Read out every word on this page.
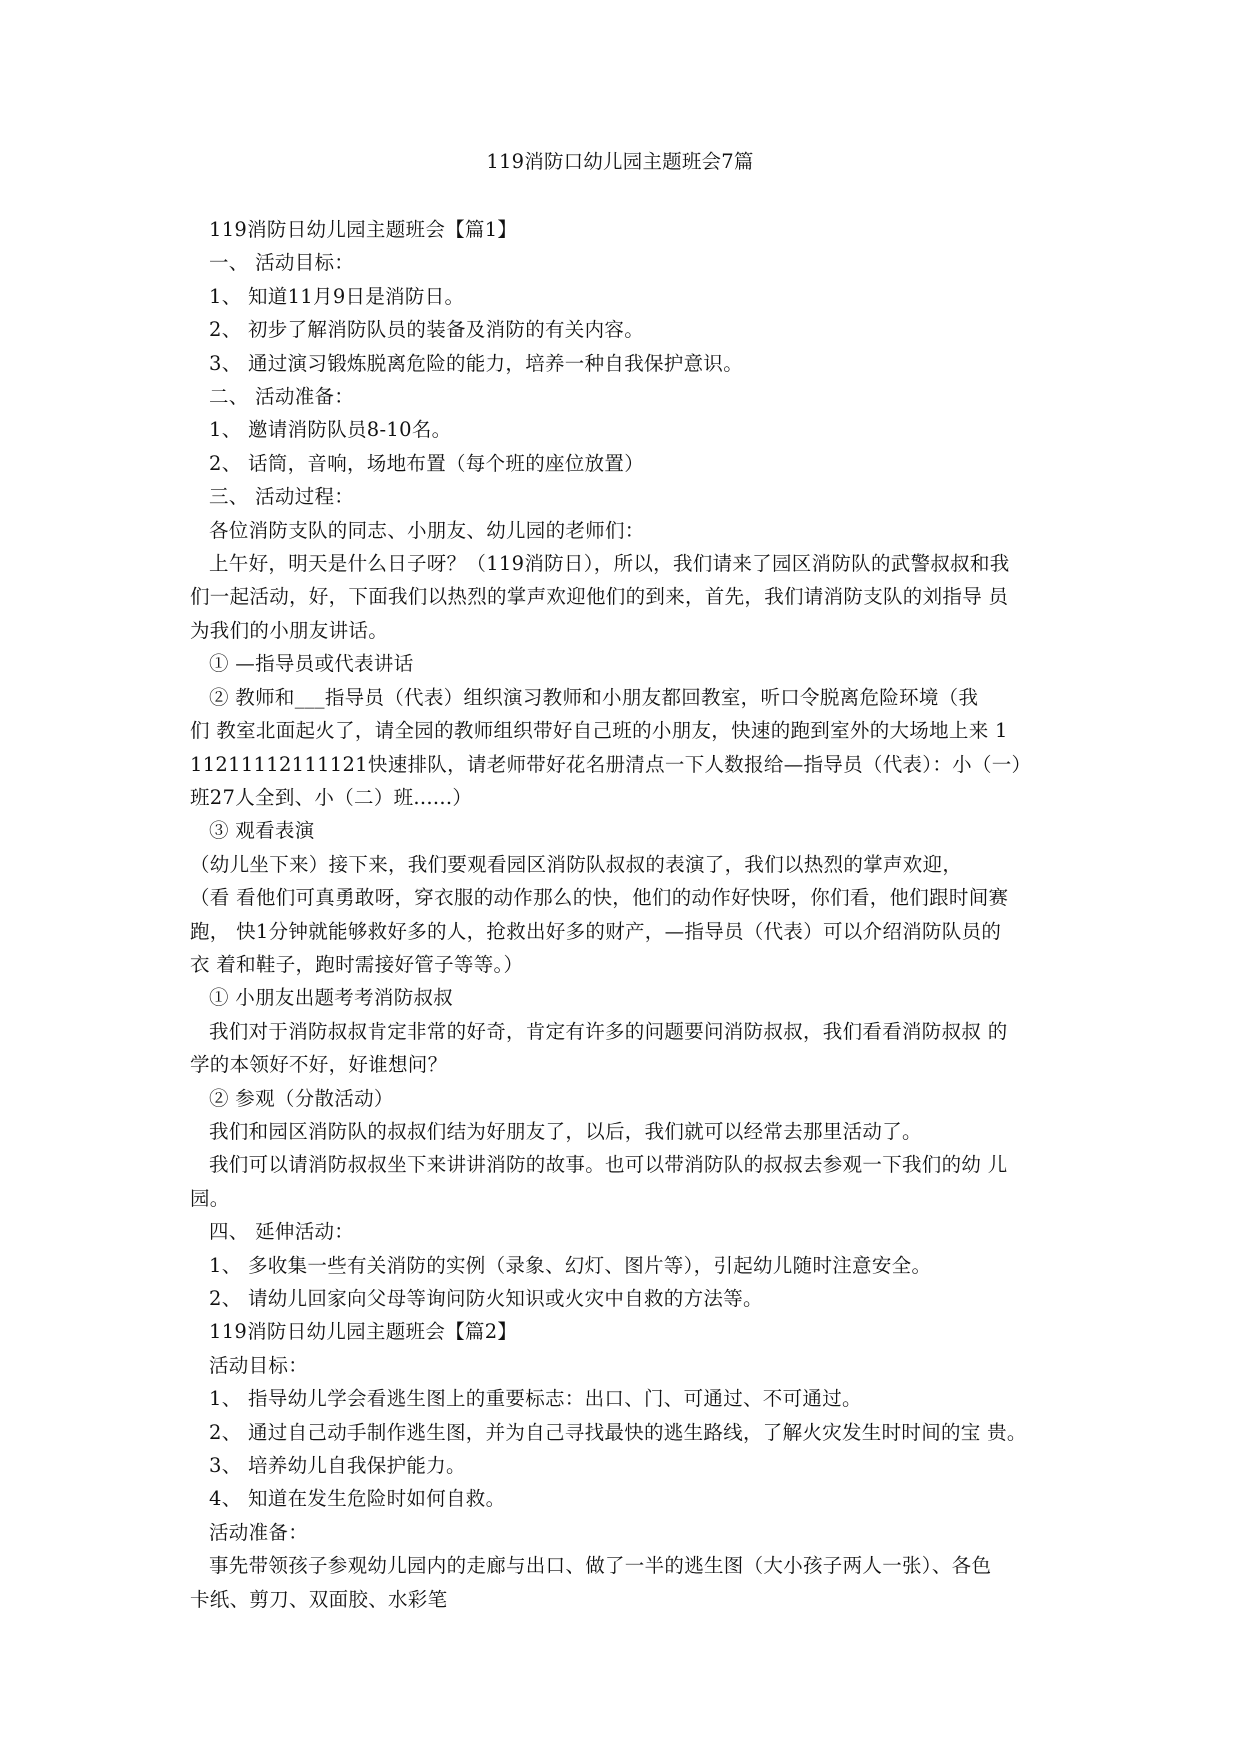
119消防口幼儿园主题班会7篇

119消防日幼儿园主题班会【篇1】

一、 活动目标：

1、 知道11月9日是消防日。

2、 初步了解消防队员的装备及消防的有关内容。

3、 通过演习锻炼脱离危险的能力，培养一种自我保护意识。

二、 活动准备：

1、 邀请消防队员8-10名。

2、 话筒，音响，场地布置（每个班的座位放置）

三、 活动过程：

各位消防支队的同志、小朋友、幼儿园的老师们：

上午好，明天是什么日子呀？（119消防日），所以，我们请来了园区消防队的武警叔叔和我

们一起活动，好，下面我们以热烈的掌声欢迎他们的到来，首先，我们请消防支队的刘指导 员

为我们的小朋友讲话。

① —指导员或代表讲话

② 教师和___指导员（代表）组织演习教师和小朋友都回教室，听口令脱离危险环境（我

们 教室北面起火了，请全园的教师组织带好自己班的小朋友，快速的跑到室外的大场地上来 1

11211112111121快速排队，请老师带好花名册清点一下人数报给—指导员（代表）：小（一）

班27人全到、小（二）班......）

③ 观看表演

（幼儿坐下来）接下来，我们要观看园区消防队叔叔的表演了，我们以热烈的掌声欢迎，

（看 看他们可真勇敢呀，穿衣服的动作那么的快，他们的动作好快呀，你们看，他们跟时间赛

跑， 快1分钟就能够救好多的人，抢救出好多的财产，—指导员（代表）可以介绍消防队员的

衣 着和鞋子，跑时需接好管子等等。）

① 小朋友出题考考消防叔叔

我们对于消防叔叔肯定非常的好奇，肯定有许多的问题要问消防叔叔，我们看看消防叔叔 的

学的本领好不好，好谁想问？

② 参观（分散活动）

我们和园区消防队的叔叔们结为好朋友了，以后，我们就可以经常去那里活动了。

我们可以请消防叔叔坐下来讲讲消防的故事。也可以带消防队的叔叔去参观一下我们的幼 儿

园。

四、 延伸活动：

1、 多收集一些有关消防的实例（录象、幻灯、图片等），引起幼儿随时注意安全。

2、 请幼儿回家向父母等询问防火知识或火灾中自救的方法等。

119消防日幼儿园主题班会【篇2】

活动目标：

1、 指导幼儿学会看逃生图上的重要标志：出口、门、可通过、不可通过。

2、 通过自己动手制作逃生图，并为自己寻找最快的逃生路线，了解火灾发生时时间的宝 贵。

3、 培养幼儿自我保护能力。

4、 知道在发生危险时如何自救。

活动准备：

事先带领孩子参观幼儿园内的走廊与出口、做了一半的逃生图（大小孩子两人一张）、各色

卡纸、剪刀、双面胶、水彩笔
